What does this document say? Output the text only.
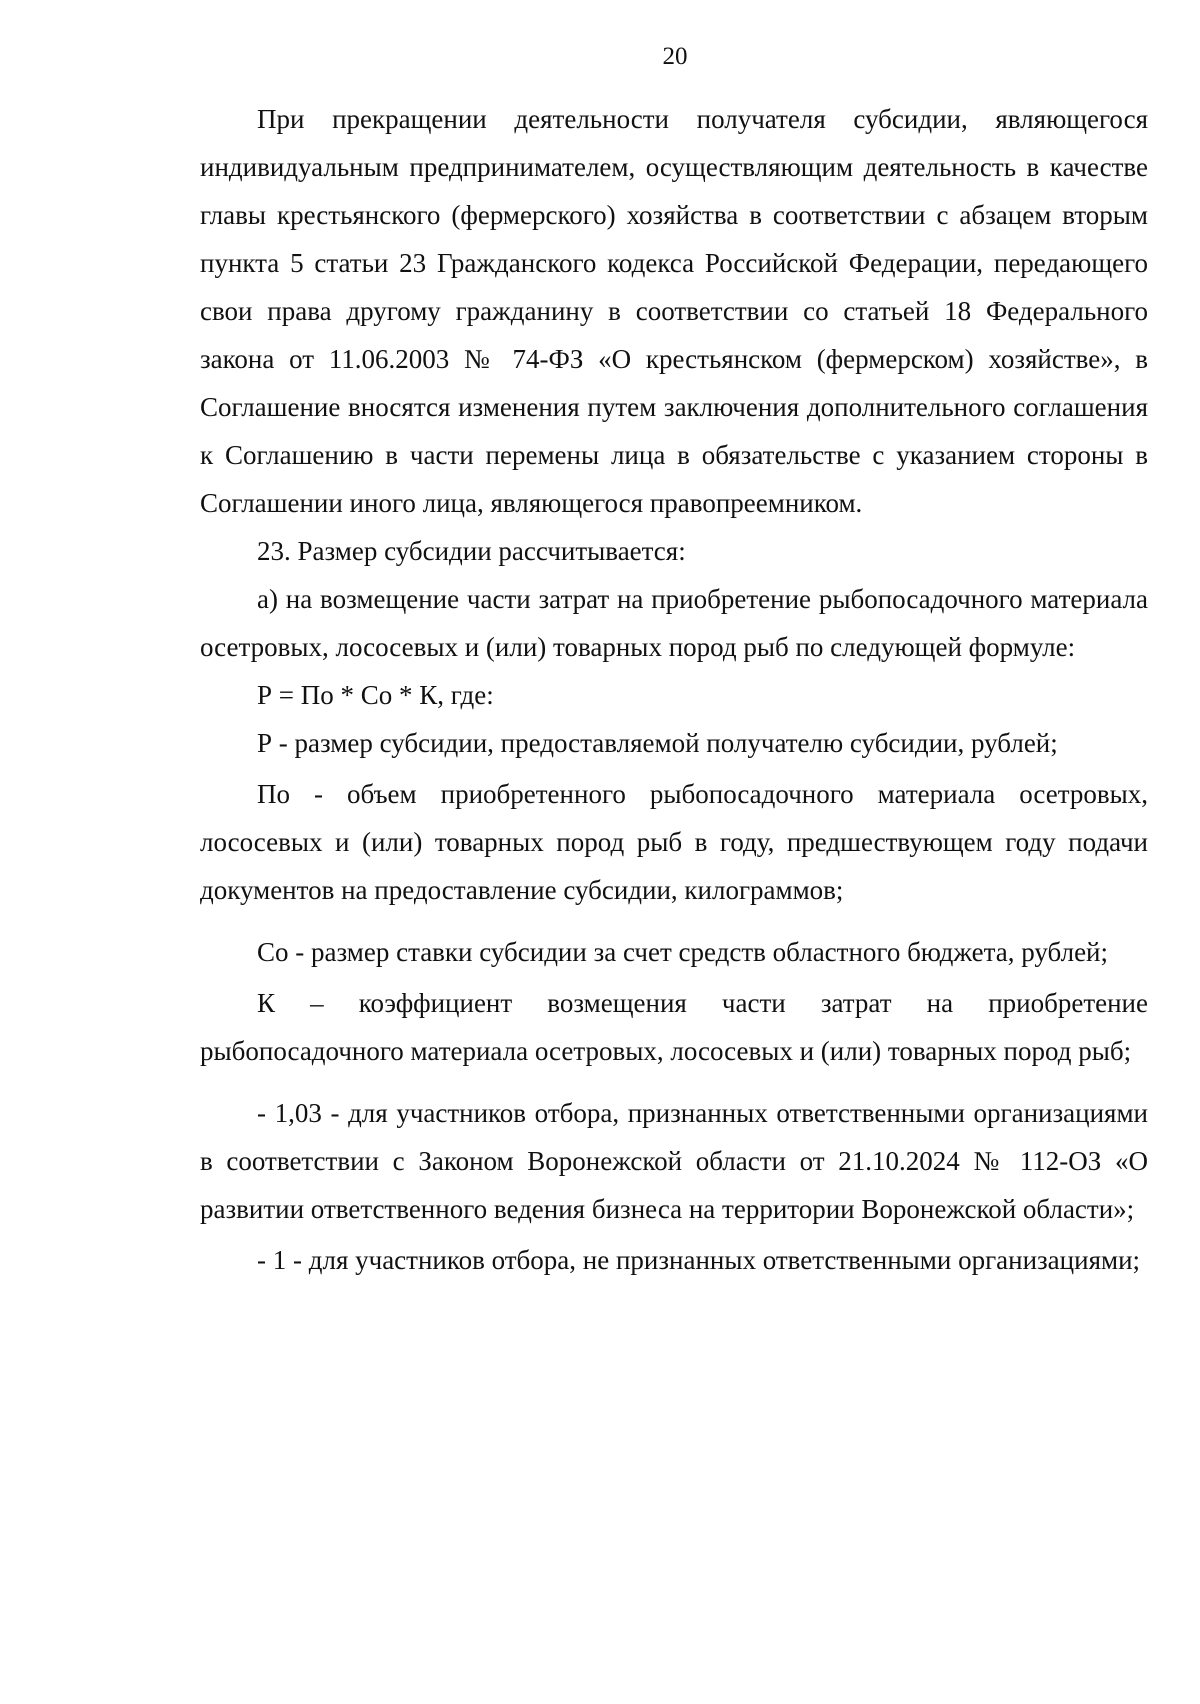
20

При прекращении деятельности получателя субсидии, являющегося индивидуальным предпринимателем, осуществляющим деятельность в качестве главы крестьянского (фермерского) хозяйства в соответствии с абзацем вторым пункта 5 статьи 23 Гражданского кодекса Российской Федерации, передающего свои права другому гражданину в соответствии со статьей 18 Федерального закона от 11.06.2003 № 74-ФЗ «О крестьянском (фермерском) хозяйстве», в Соглашение вносятся изменения путем заключения дополнительного соглашения к Соглашению в части перемены лица в обязательстве с указанием стороны в Соглашении иного лица, являющегося правопреемником.

23. Размер субсидии рассчитывается:

а) на возмещение части затрат на приобретение рыбопосадочного материала осетровых, лососевых и (или) товарных пород рыб по следующей формуле:

Р = По * Со * К, где:

Р - размер субсидии, предоставляемой получателю субсидии, рублей;

По - объем приобретенного рыбопосадочного материала осетровых, лососевых и (или) товарных пород рыб в году, предшествующем году подачи документов на предоставление субсидии, килограммов;

Со - размер ставки субсидии за счет средств областного бюджета, рублей;

К – коэффициент возмещения части затрат на приобретение рыбопосадочного материала осетровых, лососевых и (или) товарных пород рыб;

- 1,03 - для участников отбора, признанных ответственными организациями в соответствии с Законом Воронежской области от 21.10.2024 № 112-ОЗ «О развитии ответственного ведения бизнеса на территории Воронежской области»;

- 1 - для участников отбора, не признанных ответственными организациями;
